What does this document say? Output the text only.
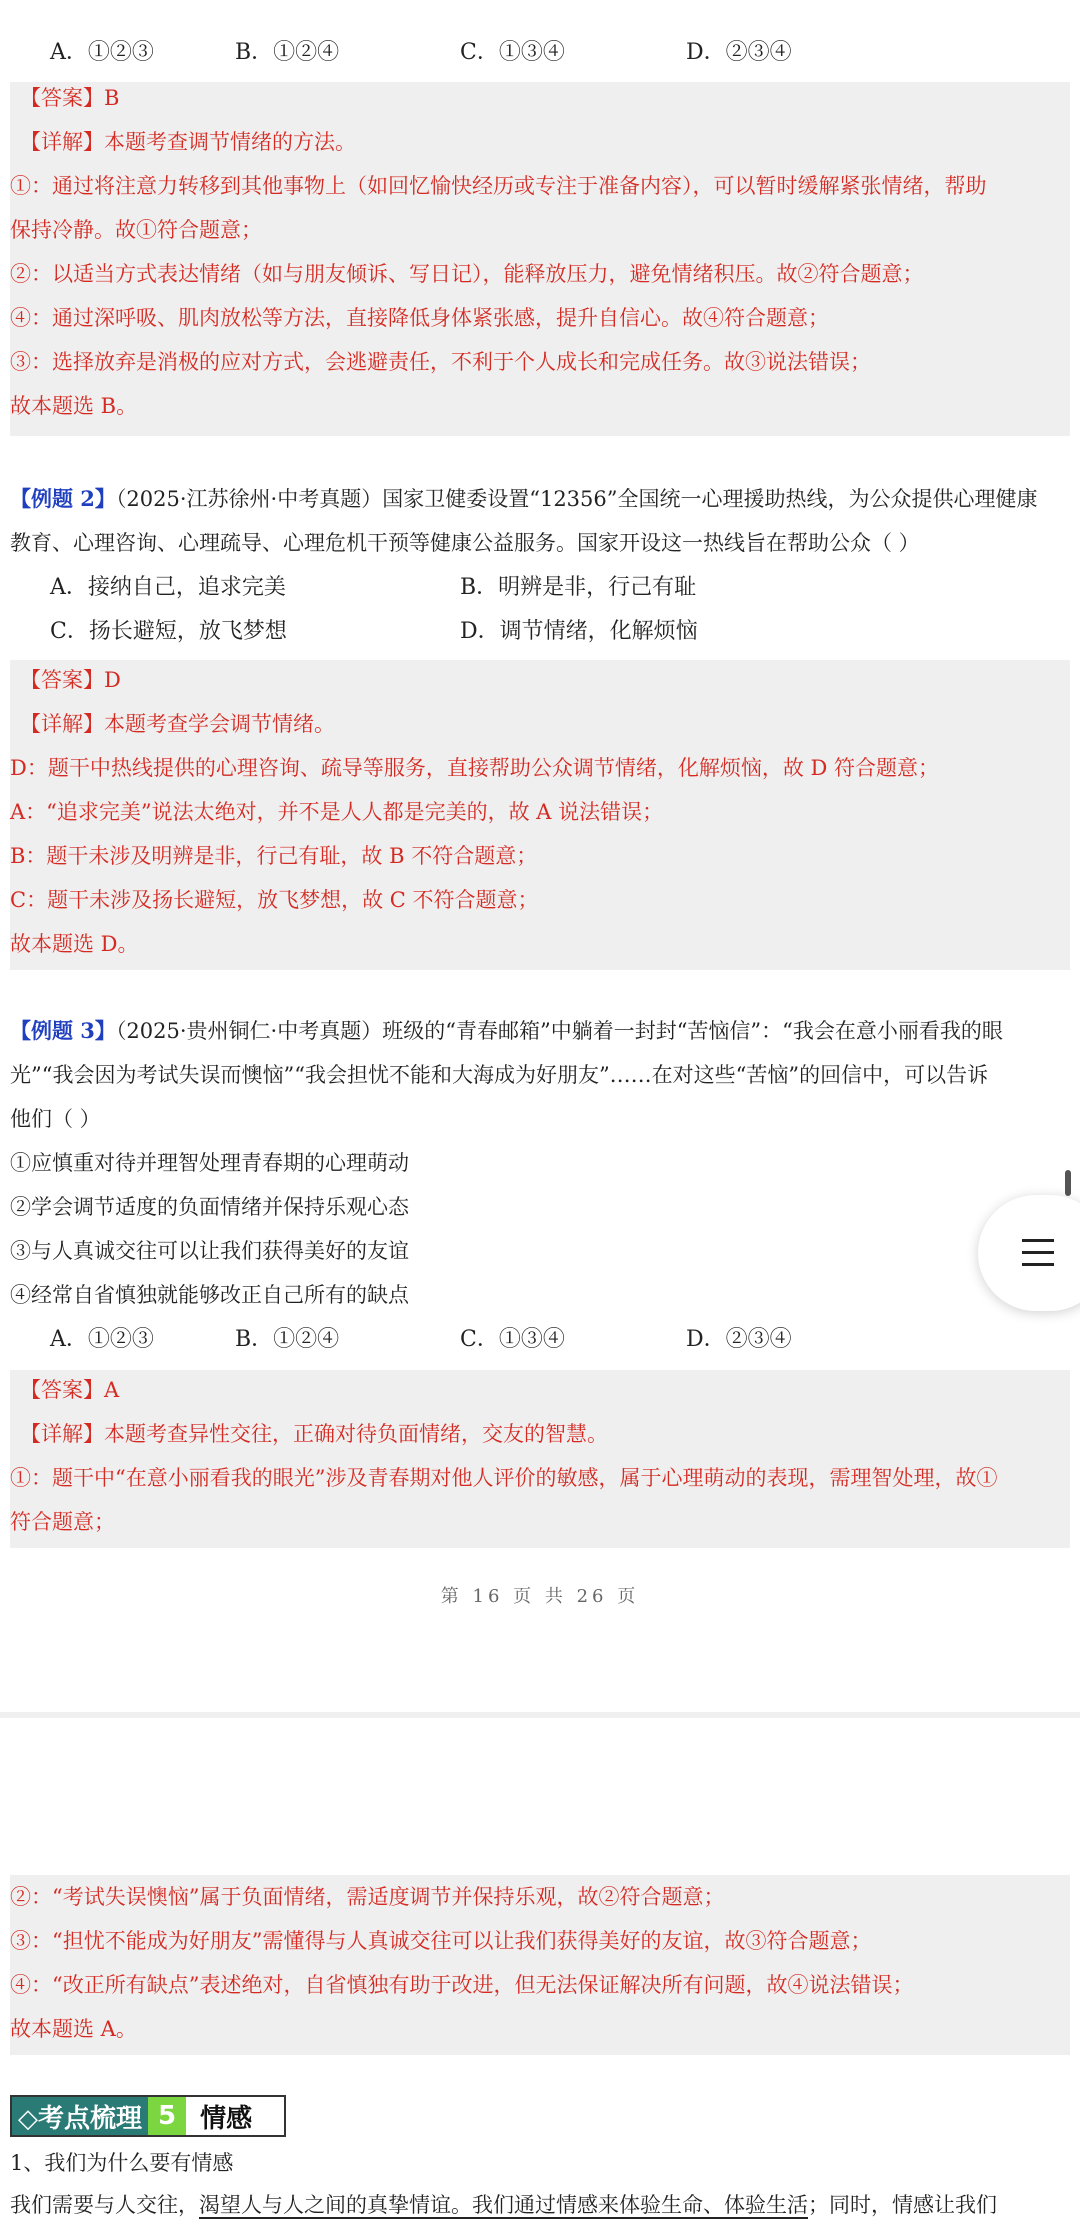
A．①②③	B．①②④	C．①③④	D．②③④
【答案】B
【详解】本题考查调节情绪的方法。
①：通过将注意力转移到其他事物上（如回忆愉快经历或专注于准备内容），可以暂时缓解紧张情绪，帮助
保持冷静。故①符合题意；
②：以适当方式表达情绪（如与朋友倾诉、写日记），能释放压力，避免情绪积压。故②符合题意；
④：通过深呼吸、肌肉放松等方法，直接降低身体紧张感，提升自信心。故④符合题意；
③：选择放弃是消极的应对方式，会逃避责任，不利于个人成长和完成任务。故③说法错误；
故本题选 B。
【例题 2】（2025·江苏徐州·中考真题）国家卫健委设置“12356”全国统一心理援助热线，为公众提供心理健康
教育、心理咨询、心理疏导、心理危机干预等健康公益服务。国家开设这一热线旨在帮助公众（ ）
A．接纳自己，追求完美	B．明辨是非，行己有耻
C．扬长避短，放飞梦想	D．调节情绪，化解烦恼
【答案】D
【详解】本题考查学会调节情绪。
D：题干中热线提供的心理咨询、疏导等服务，直接帮助公众调节情绪，化解烦恼，故 D 符合题意；
A：“追求完美”说法太绝对，并不是人人都是完美的，故 A 说法错误；
B：题干未涉及明辨是非，行己有耻，故 B 不符合题意；
C：题干未涉及扬长避短，放飞梦想，故 C 不符合题意；
故本题选 D。
【例题 3】（2025·贵州铜仁·中考真题）班级的“青春邮箱”中躺着一封封“苦恼信”：“我会在意小丽看我的眼
光”“我会因为考试失误而懊恼”“我会担忧不能和大海成为好朋友”……在对这些“苦恼”的回信中，可以告诉
他们（ ）
①应慎重对待并理智处理青春期的心理萌动
②学会调节适度的负面情绪并保持乐观心态
③与人真诚交往可以让我们获得美好的友谊
④经常自省慎独就能够改正自己所有的缺点
A．①②③	B．①②④	C．①③④	D．②③④
【答案】A
【详解】本题考查异性交往，正确对待负面情绪，交友的智慧。
①：题干中“在意小丽看我的眼光”涉及青春期对他人评价的敏感，属于心理萌动的表现，需理智处理，故①
符合题意；
第 16 页 共 26 页
②：“考试失误懊恼”属于负面情绪，需适度调节并保持乐观，故②符合题意；
③：“担忧不能成为好朋友”需懂得与人真诚交往可以让我们获得美好的友谊，故③符合题意；
④：“改正所有缺点”表述绝对，自省慎独有助于改进，但无法保证解决所有问题，故④说法错误；
故本题选 A。
◇考点梳理 5 情感
1、我们为什么要有情感
我们需要与人交往，渴望人与人之间的真挚情谊。我们通过情感来体验生命、体验生活；同时，情感让我们
